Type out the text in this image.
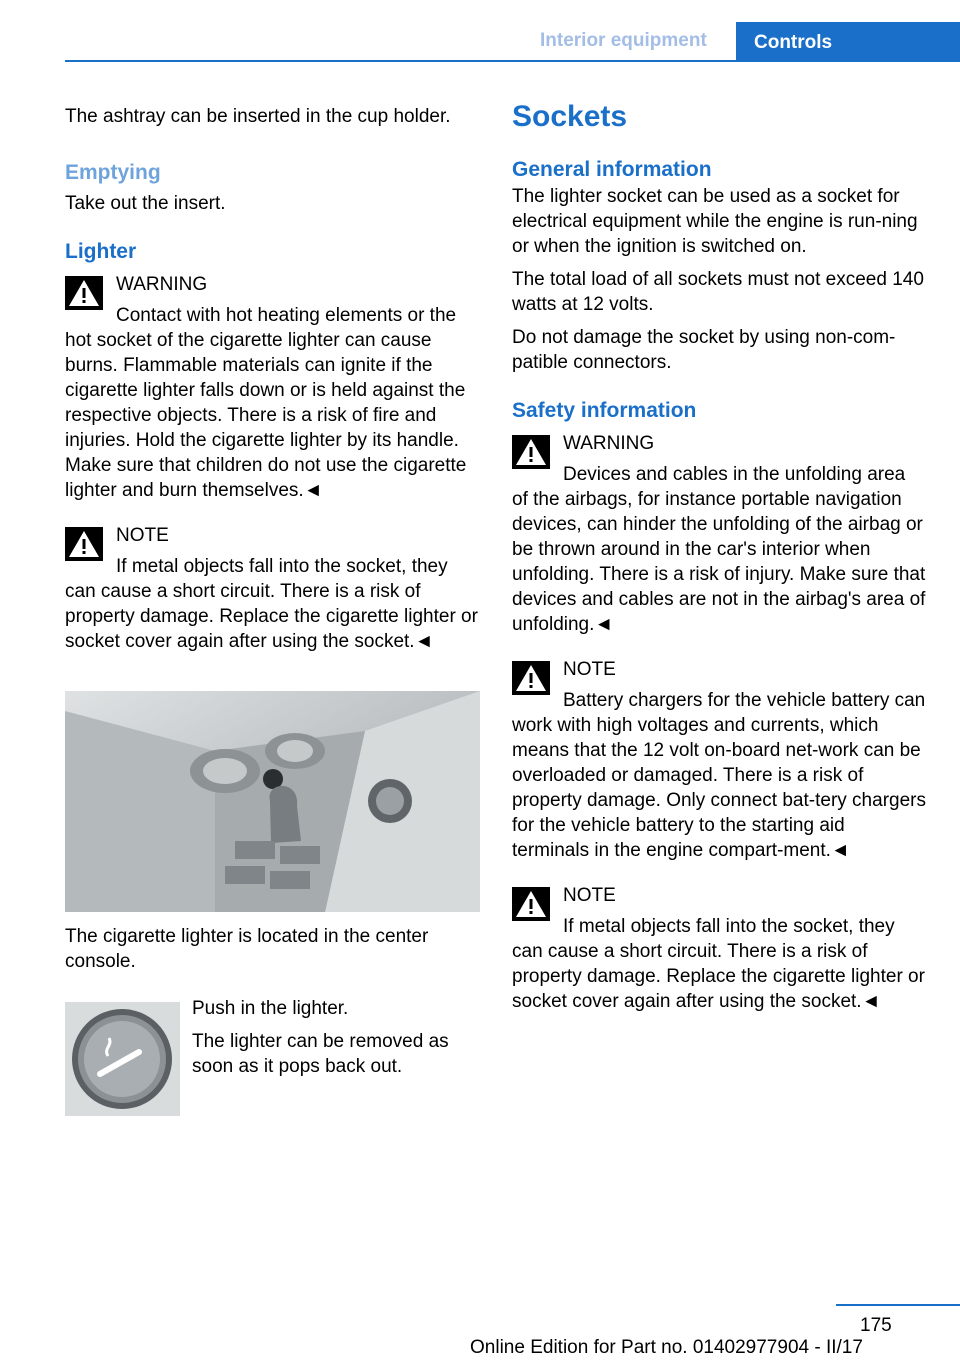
Interior equipment	Controls

The ashtray can be inserted in the cup holder.

Emptying

Take out the insert.

Lighter

WARNING

Contact with hot heating elements or the hot socket of the cigarette lighter can cause burns. Flammable materials can ignite if the cigarette lighter falls down or is held against the respective objects. There is a risk of fire and injuries. Hold the cigarette lighter by its handle. Make sure that children do not use the cigarette lighter and burn themselves.◄

NOTE

If metal objects fall into the socket, they can cause a short circuit. There is a risk of property damage. Replace the cigarette lighter or socket cover again after using the socket.◄

The cigarette lighter is located in the center console.

Push in the lighter.

The lighter can be removed as soon as it pops back out.

Sockets
General information

The lighter socket can be used as a socket for electrical equipment while the engine is run-ning or when the ignition is switched on.

The total load of all sockets must not exceed 140 watts at 12 volts.

Do not damage the socket by using non-com-patible connectors.

Safety information

WARNING

Devices and cables in the unfolding area of the airbags, for instance portable navigation devices, can hinder the unfolding of the airbag or be thrown around in the car's interior when unfolding. There is a risk of injury. Make sure that devices and cables are not in the airbag's area of unfolding.◄

NOTE

Battery chargers for the vehicle battery can work with high voltages and currents, which means that the 12 volt on-board net-work can be overloaded or damaged. There is a risk of property damage. Only connect bat-tery chargers for the vehicle battery to the starting aid terminals in the engine compart-ment.◄

NOTE

If metal objects fall into the socket, they can cause a short circuit. There is a risk of property damage. Replace the cigarette lighter or socket cover again after using the socket.◄

175
Online Edition for Part no. 01402977904 - II/17
